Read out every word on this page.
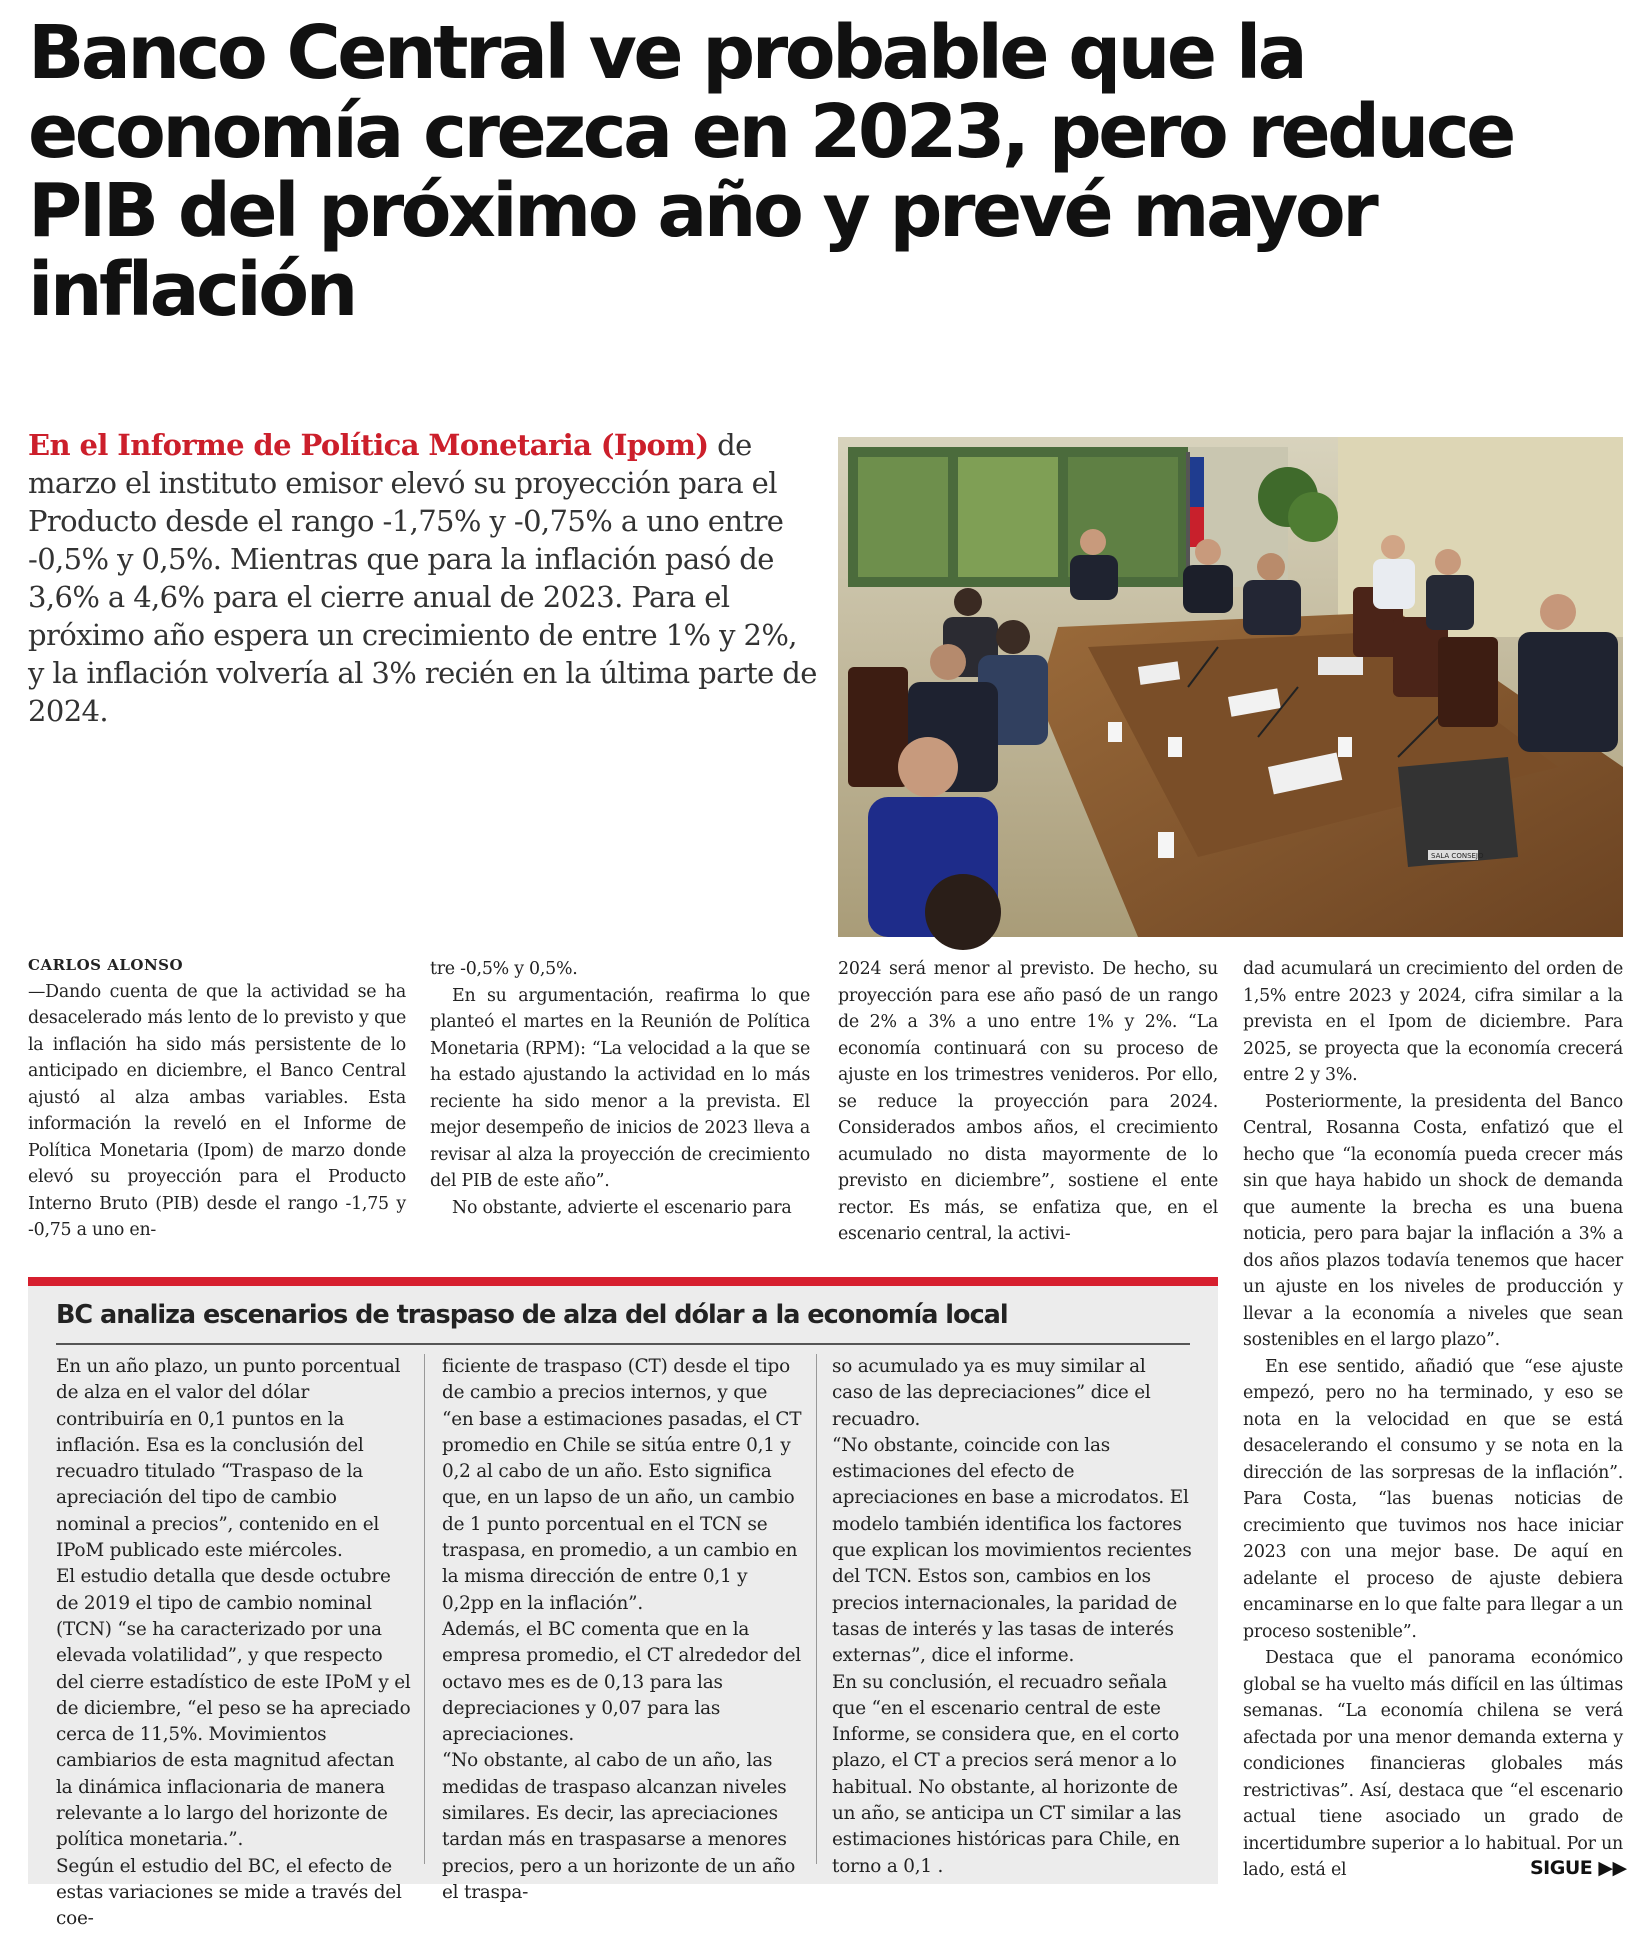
Banco Central ve probable que la economía crezca en 2023, pero reduce PIB del próximo año y prevé mayor inflación
En el Informe de Política Monetaria (Ipom) de marzo el instituto emisor elevó su proyección para el Producto desde el rango -1,75% y -0,75% a uno entre -0,5% y 0,5%. Mientras que para la inflación pasó de 3,6% a 4,6% para el cierre anual de 2023. Para el próximo año espera un crecimiento de entre 1% y 2%, y la inflación volvería al 3% recién en la última parte de 2024.
SALA CONSEJO

CARLOS ALONSO

—Dando cuenta de que la actividad se ha desacelerado más lento de lo previsto y que la inflación ha sido más persistente de lo anticipado en diciembre, el Banco Central ajustó al alza ambas variables. Esta información la reveló en el Informe de Política Monetaria (Ipom) de marzo donde elevó su proyección para el Producto Interno Bruto (PIB) desde el rango -1,75 y -0,75 a uno en-

tre -0,5% y 0,5%.

En su argumentación, reafirma lo que planteó el martes en la Reunión de Política Monetaria (RPM): “La velocidad a la que se ha estado ajustando la actividad en lo más reciente ha sido menor a la prevista. El mejor desempeño de inicios de 2023 lleva a revisar al alza la proyección de crecimiento del PIB de este año”.

No obstante, advierte el escenario para

2024 será menor al previsto. De hecho, su proyección para ese año pasó de un rango de 2% a 3% a uno entre 1% y 2%. “La economía continuará con su proceso de ajuste en los trimestres venideros. Por ello, se reduce la proyección para 2024. Considerados ambos años, el crecimiento acumulado no dista mayormente de lo previsto en diciembre”, sostiene el ente rector. Es más, se enfatiza que, en el escenario central, la activi-

dad acumulará un crecimiento del orden de 1,5% entre 2023 y 2024, cifra similar a la prevista en el Ipom de diciembre. Para 2025, se proyecta que la economía crecerá entre 2 y 3%.

Posteriormente, la presidenta del Banco Central, Rosanna Costa, enfatizó que el hecho que “la economía pueda crecer más sin que haya habido un shock de demanda que aumente la brecha es una buena noticia, pero para bajar la inflación a 3% a dos años plazos todavía tenemos que hacer un ajuste en los niveles de producción y llevar a la economía a niveles que sean sostenibles en el largo plazo”.

En ese sentido, añadió que “ese ajuste empezó, pero no ha terminado, y eso se nota en la velocidad en que se está desacelerando el consumo y se nota en la dirección de las sorpresas de la inflación”. Para Costa, “las buenas noticias de crecimiento que tuvimos nos hace iniciar 2023 con una mejor base. De aquí en adelante el proceso de ajuste debiera encaminarse en lo que falte para llegar a un proceso sostenible”.

Destaca que el panorama económico global se ha vuelto más difícil en las últimas semanas. “La economía chilena se verá afectada por una menor demanda externa y condiciones financieras globales más restrictivas”. Así, destaca que “el escenario actual tiene asociado un grado de incertidumbre superior a lo habitual. Por un lado, está el

BC analiza escenarios de traspaso de alza del dólar a la economía local

En un año plazo, un punto porcentual de alza en el valor del dólar contribuiría en 0,1 puntos en la inflación. Esa es la conclusión del recuadro titulado “Traspaso de la apreciación del tipo de cambio nominal a precios”, contenido en el IPoM publicado este miércoles.

El estudio detalla que desde octubre de 2019 el tipo de cambio nominal (TCN) “se ha caracterizado por una elevada volatilidad”, y que respecto del cierre estadístico de este IPoM y el de diciembre, “el peso se ha apreciado cerca de 11,5%. Movimientos cambiarios de esta magnitud afectan la dinámica inflacionaria de manera relevante a lo largo del horizonte de política monetaria.”.

Según el estudio del BC, el efecto de estas variaciones se mide a través del coe-

ficiente de traspaso (CT) desde el tipo de cambio a precios internos, y que “en base a estimaciones pasadas, el CT promedio en Chile se sitúa entre 0,1 y 0,2 al cabo de un año. Esto significa que, en un lapso de un año, un cambio de 1 punto porcentual en el TCN se traspasa, en promedio, a un cambio en la misma dirección de entre 0,1 y 0,2pp en la inflación”.

Además, el BC comenta que en la empresa promedio, el CT alrededor del octavo mes es de 0,13 para las depreciaciones y 0,07 para las apreciaciones.

“No obstante, al cabo de un año, las medidas de traspaso alcanzan niveles similares. Es decir, las apreciaciones tardan más en traspasarse a menores precios, pero a un horizonte de un año el traspa-

so acumulado ya es muy similar al caso de las depreciaciones” dice el recuadro.

“No obstante, coincide con las estimaciones del efecto de apreciaciones en base a microdatos. El modelo también identifica los factores que explican los movimientos recientes del TCN. Estos son, cambios en los precios internacionales, la paridad de tasas de interés y las tasas de interés externas”, dice el informe.

En su conclusión, el recuadro señala que “en el escenario central de este Informe, se considera que, en el corto plazo, el CT a precios será menor a lo habitual. No obstante, al horizonte de un año, se anticipa un CT similar a las estimaciones históricas para Chile, en torno a 0,1 .	SIGUE ▶▶
